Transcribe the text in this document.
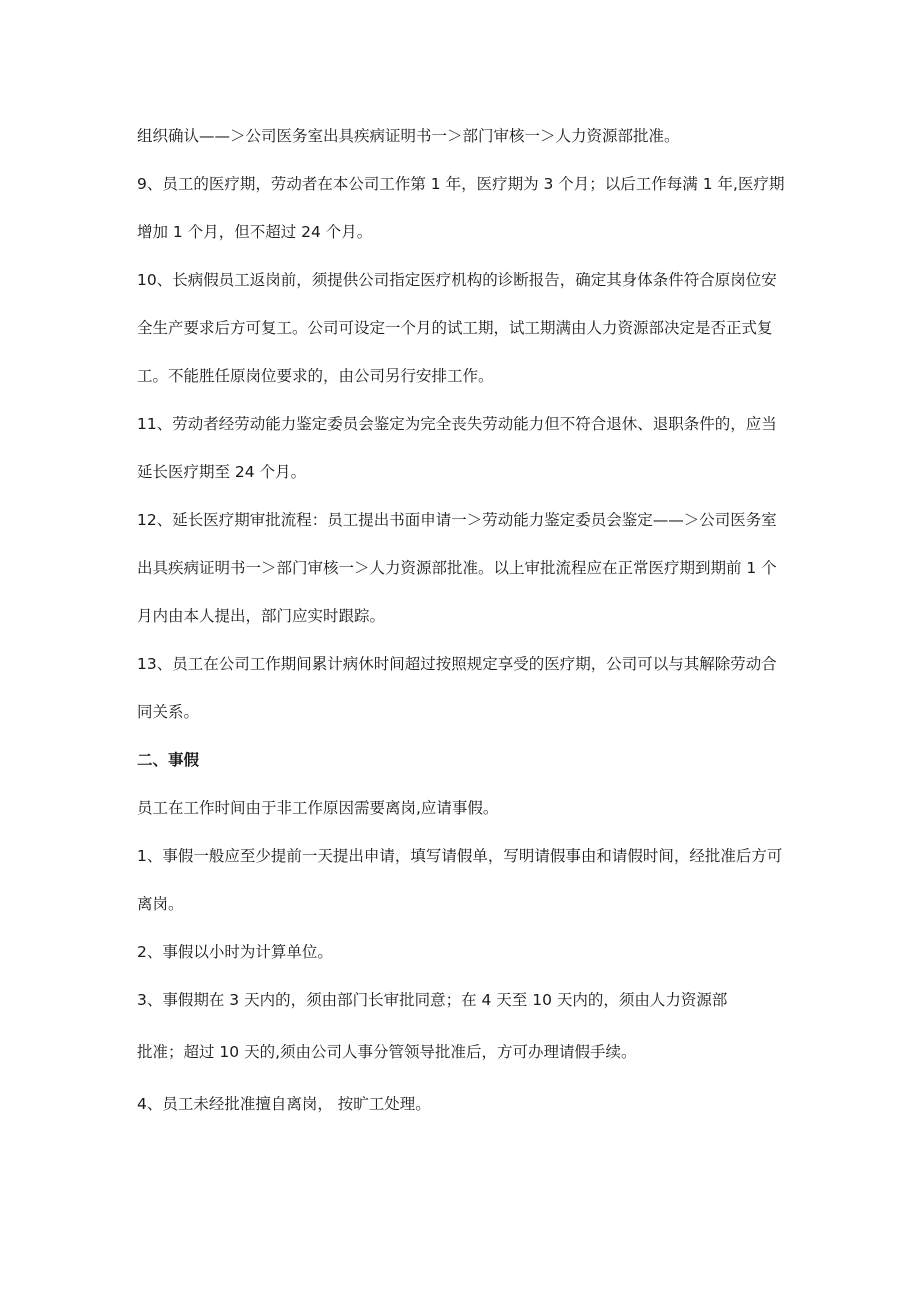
组织确认——＞公司医务室出具疾病证明书一＞部门审核一＞人力资源部批准。
9、员工的医疗期，劳动者在本公司工作第 1 年，医疗期为 3 个月；以后工作每满 1 年,医疗期
增加 1 个月，但不超过 24 个月。
10、长病假员工返岗前，须提供公司指定医疗机构的诊断报告，确定其身体条件符合原岗位安
全生产要求后方可复工。公司可设定一个月的试工期，试工期满由人力资源部决定是否正式复
工。不能胜任原岗位要求的，由公司另行安排工作。
11、劳动者经劳动能力鉴定委员会鉴定为完全丧失劳动能力但不符合退休、退职条件的，应当
延长医疗期至 24 个月。
12、延长医疗期审批流程：员工提出书面申请一＞劳动能力鉴定委员会鉴定——＞公司医务室
出具疾病证明书一＞部门审核一＞人力资源部批准。以上审批流程应在正常医疗期到期前 1 个
月内由本人提出，部门应实时跟踪。
13、员工在公司工作期间累计病休时间超过按照规定享受的医疗期，公司可以与其解除劳动合
同关系。
二、事假
员工在工作时间由于非工作原因需要离岗,应请事假。
1、事假一般应至少提前一天提出申请，填写请假单，写明请假事由和请假时间，经批准后方可
离岗。
2、事假以小时为计算单位。
3、事假期在 3 天内的，须由部门长审批同意；在 4 天至 10 天内的，须由人力资源部
批准；超过 10 天的,须由公司人事分管领导批准后，方可办理请假手续。
4、员工未经批准擅自离岗， 按旷工处理。
